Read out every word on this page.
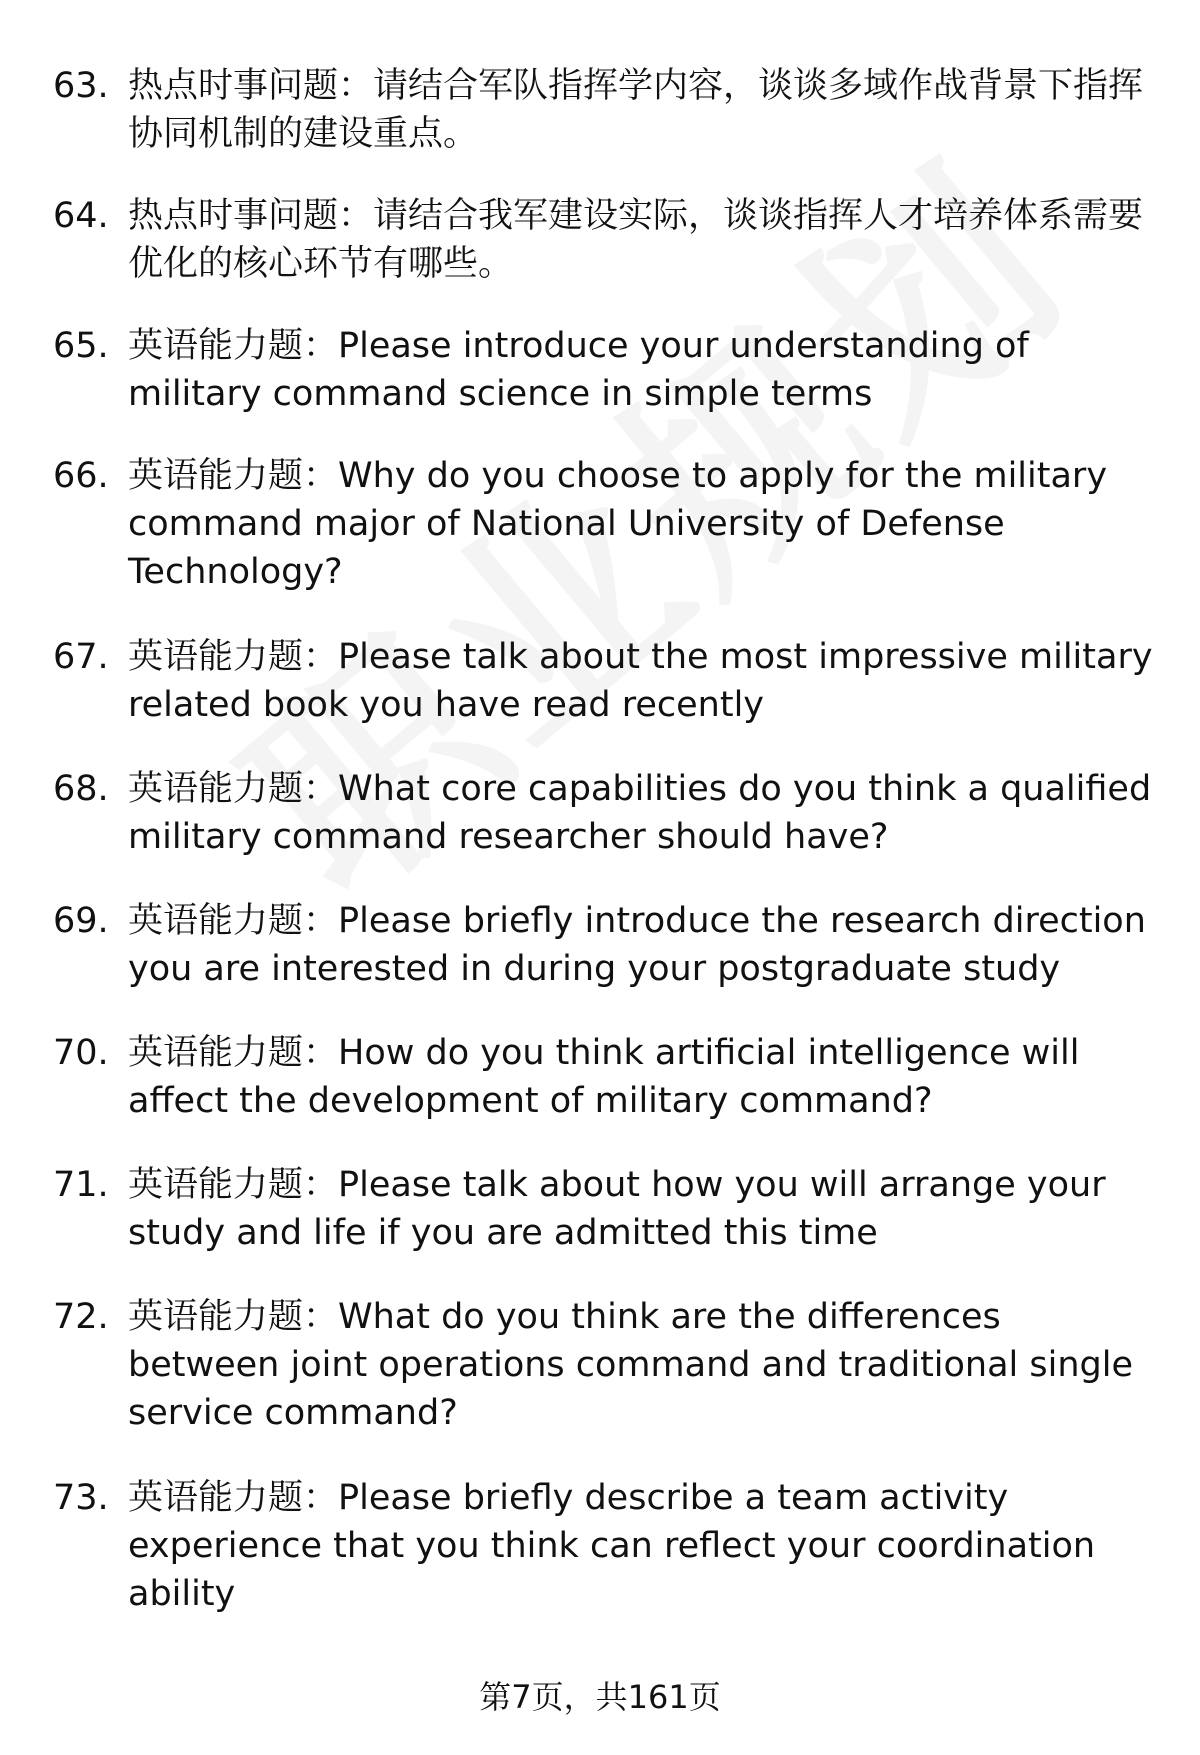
63. 热点时事问题：请结合军队指挥学内容，谈谈多域作战背景下指挥协同机制的建设重点。
64. 热点时事问题：请结合我军建设实际，谈谈指挥人才培养体系需要优化的核心环节有哪些。
65. 英语能力题：Please introduce your understanding of military command science in simple terms
66. 英语能力题：Why do you choose to apply for the military command major of National University of Defense Technology?
67. 英语能力题：Please talk about the most impressive military related book you have read recently
68. 英语能力题：What core capabilities do you think a qualified military command researcher should have?
69. 英语能力题：Please briefly introduce the research direction you are interested in during your postgraduate study
70. 英语能力题：How do you think artificial intelligence will affect the development of military command?
71. 英语能力题：Please talk about how you will arrange your study and life if you are admitted this time
72. 英语能力题：What do you think are the differences between joint operations command and traditional single service command?
73. 英语能力题：Please briefly describe a team activity experience that you think can reflect your coordination ability
第7页，共161页
